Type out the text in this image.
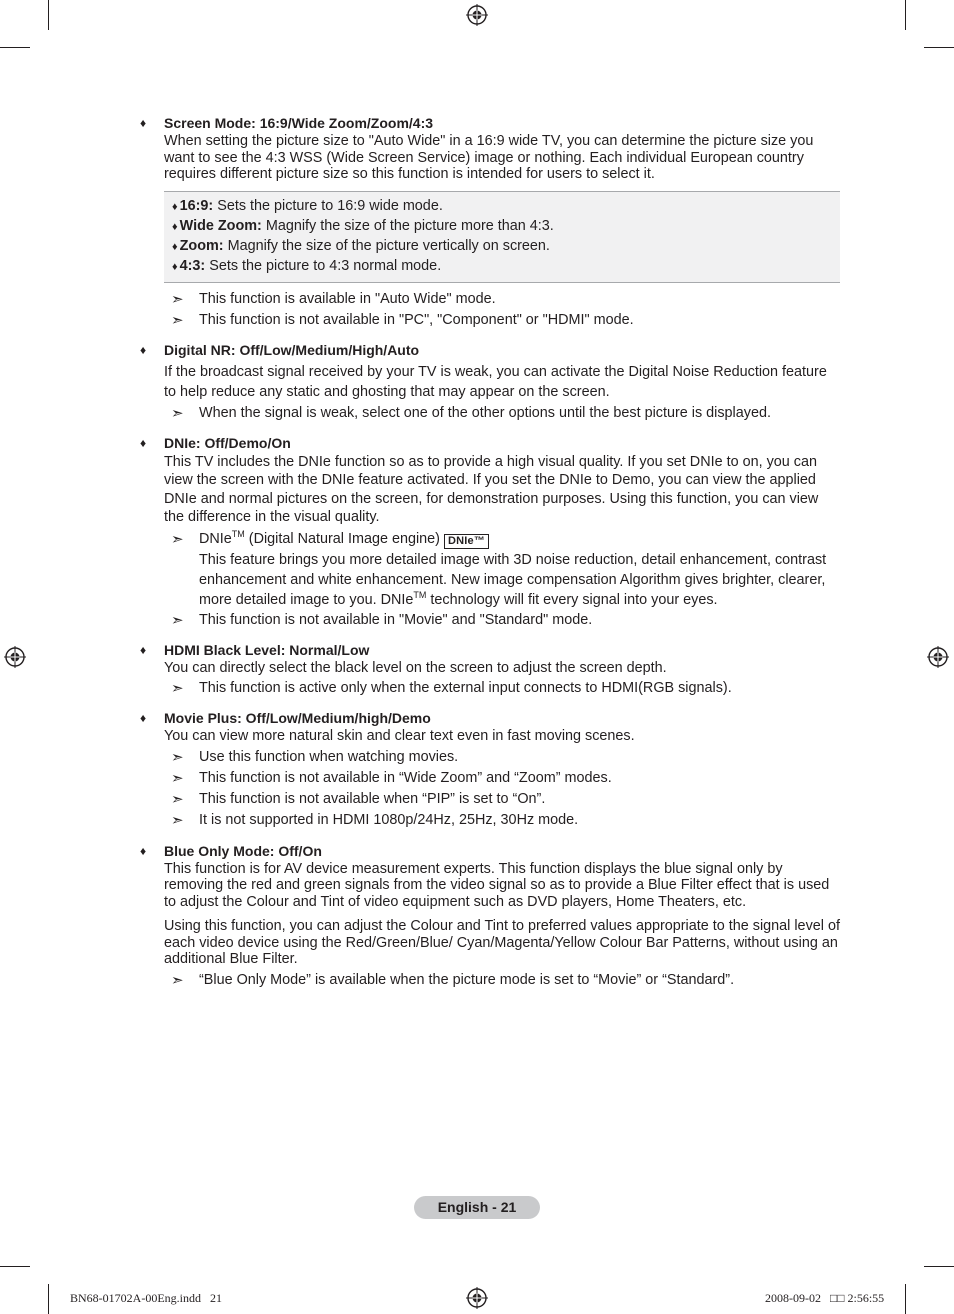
♦ Screen Mode: 16:9/Wide Zoom/Zoom/4:3

When setting the picture size to "Auto Wide" in a 16:9 wide TV, you can determine the picture size you want to see the 4:3 WSS (Wide Screen Service) image or nothing. Each individual European country requires different picture size so this function is intended for users to select it.

♦ 16:9: Sets the picture to 16:9 wide mode.
♦ Wide Zoom: Magnify the size of the picture more than 4:3.
♦ Zoom: Magnify the size of the picture vertically on screen.
♦ 4:3: Sets the picture to 4:3 normal mode.
➣ This function is available in "Auto Wide" mode.
➣ This function is not available in "PC", "Component" or "HDMI" mode.
♦ Digital NR: Off/Low/Medium/High/Auto

If the broadcast signal received by your TV is weak, you can activate the Digital Noise Reduction feature to help reduce any static and ghosting that may appear on the screen.

➣ When the signal is weak, select one of the other options until the best picture is displayed.
♦ DNIe: Off/Demo/On

This TV includes the DNIe function so as to provide a high visual quality. If you set DNIe to on, you can view the screen with the DNIe feature activated. If you set the DNIe to Demo, you can view the applied DNIe and normal pictures on the screen, for demonstration purposes. Using this function, you can view the difference in the visual quality.

➣ DNIe™ (Digital Natural Image engine) DNIe™
This feature brings you more detailed image with 3D noise reduction, detail enhancement, contrast enhancement and white enhancement. New image compensation Algorithm gives brighter, clearer, more detailed image to you. DNIe™ technology will fit every signal into your eyes.
➣ This function is not available in "Movie" and "Standard" mode.
♦ HDMI Black Level: Normal/Low

You can directly select the black level on the screen to adjust the screen depth.

➣ This function is active only when the external input connects to HDMI(RGB signals).
♦ Movie Plus: Off/Low/Medium/high/Demo

You can view more natural skin and clear text even in fast moving scenes.

➣ Use this function when watching movies.
➣ This function is not available in “Wide Zoom” and “Zoom” modes.
➣ This function is not available when “PIP” is set to “On”.
➣ It is not supported in HDMI 1080p/24Hz, 25Hz, 30Hz mode.
♦ Blue Only Mode: Off/On

This function is for AV device measurement experts. This function displays the blue signal only by removing the red and green signals from the video signal so as to provide a Blue Filter effect that is used to adjust the Colour and Tint of video equipment such as DVD players, Home Theaters, etc.

Using this function, you can adjust the Colour and Tint to preferred values appropriate to the signal level of each video device using the Red/Green/Blue/ Cyan/Magenta/Yellow Colour Bar Patterns, without using an additional Blue Filter.

➣ “Blue Only Mode” is available when the picture mode is set to “Movie” or “Standard”.
English - 21
BN68-01702A-00Eng.indd   21	2008-09-02   □□ 2:56:55
